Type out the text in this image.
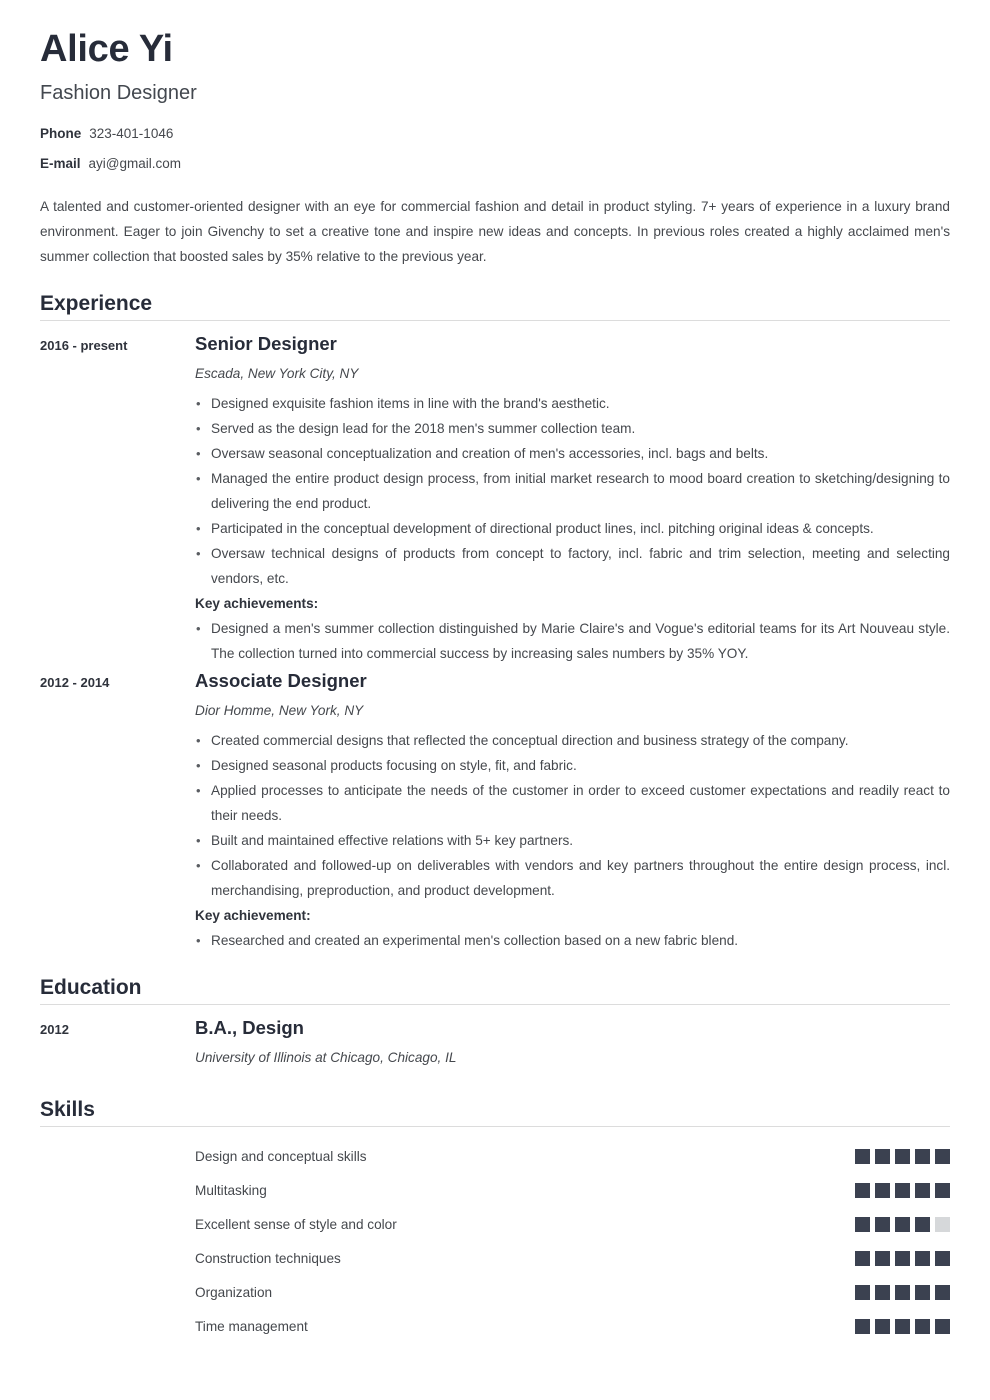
Alice Yi
Fashion Designer
Phone 323-401-1046
E-mail ayi@gmail.com

A talented and customer-oriented designer with an eye for commercial fashion and detail in product styling. 7+ years of experience in a luxury brand environment. Eager to join Givenchy to set a creative tone and inspire new ideas and concepts. In previous roles created a highly acclaimed men's summer collection that boosted sales by 35% relative to the previous year.

Experience
2016 - present	Senior Designer
Escada, New York City, NY
• Designed exquisite fashion items in line with the brand's aesthetic.
• Served as the design lead for the 2018 men's summer collection team.
• Oversaw seasonal conceptualization and creation of men's accessories, incl. bags and belts.
• Managed the entire product design process, from initial market research to mood board creation to sketching/designing to delivering the end product.
• Participated in the conceptual development of directional product lines, incl. pitching original ideas & concepts.
• Oversaw technical designs of products from concept to factory, incl. fabric and trim selection, meeting and selecting vendors, etc.
Key achievements:
• Designed a men's summer collection distinguished by Marie Claire's and Vogue's editorial teams for its Art Nouveau style. The collection turned into commercial success by increasing sales numbers by 35% YOY.
2012 - 2014	Associate Designer
Dior Homme, New York, NY
• Created commercial designs that reflected the conceptual direction and business strategy of the company.
• Designed seasonal products focusing on style, fit, and fabric.
• Applied processes to anticipate the needs of the customer in order to exceed customer expectations and readily react to their needs.
• Built and maintained effective relations with 5+ key partners.
• Collaborated and followed-up on deliverables with vendors and key partners throughout the entire design process, incl. merchandising, preproduction, and product development.
Key achievement:
• Researched and created an experimental men's collection based on a new fabric blend.
Education
2012	B.A., Design
University of Illinois at Chicago, Chicago, IL
Skills
Design and conceptual skills
Multitasking
Excellent sense of style and color
Construction techniques
Organization
Time management
